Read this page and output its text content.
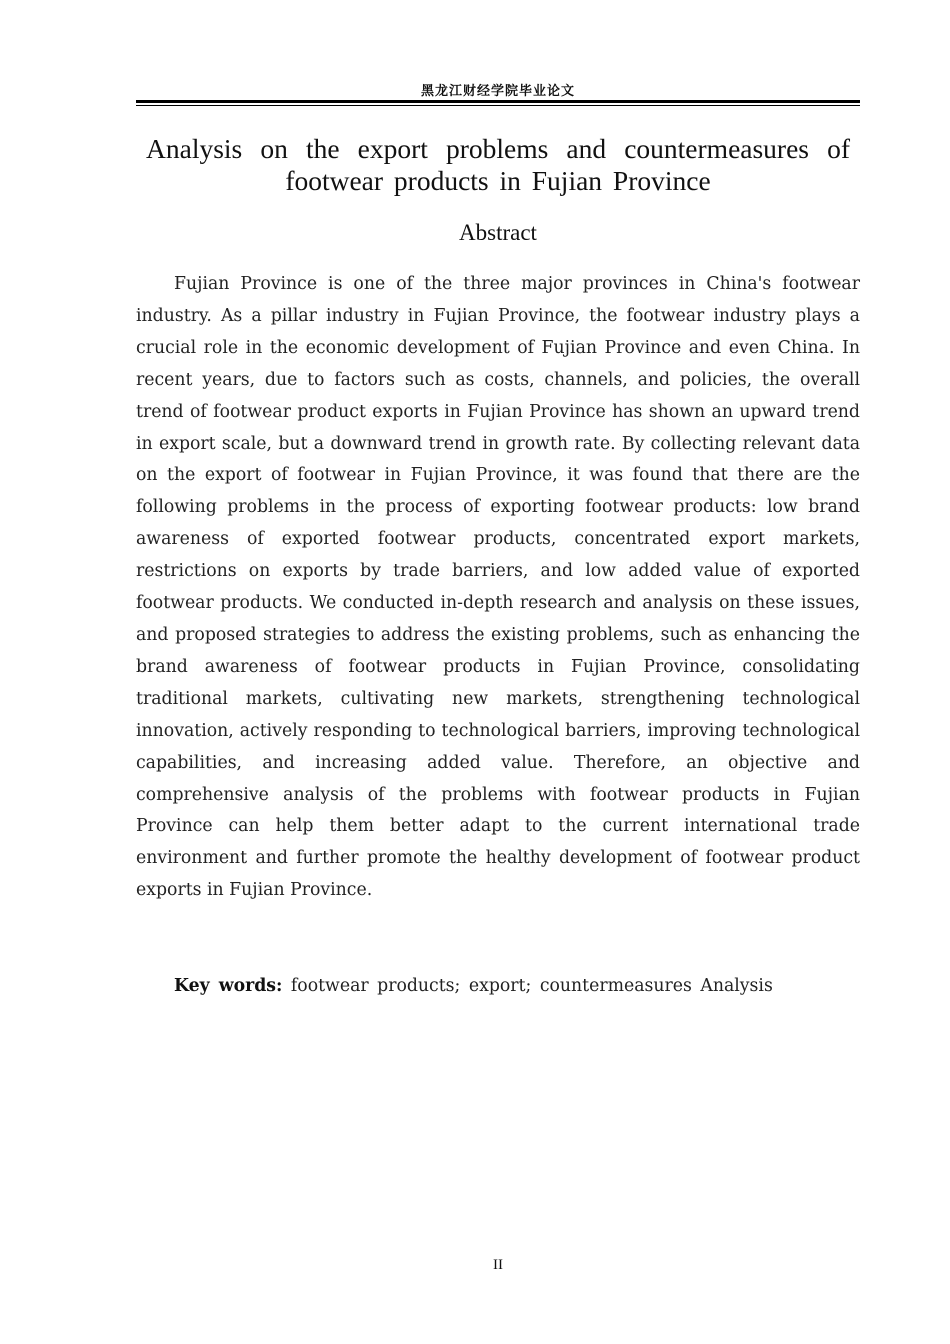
黑龙江财经学院毕业论文
Analysis on the export problems and countermeasures of
footwear products in Fujian Province
Abstract

Fujian Province is one of the three major provinces in China's footwear industry. As a pillar industry in Fujian Province, the footwear industry plays a crucial role in the economic development of Fujian Province and even China. In recent years, due to factors such as costs, channels, and policies, the overall trend of footwear product exports in Fujian Province has shown an upward trend in export scale, but a downward trend in growth rate. By collecting relevant data on the export of footwear in Fujian Province, it was found that there are the following problems in the process of exporting footwear products: low brand awareness of exported footwear products, concentrated export markets, restrictions on exports by trade barriers, and low added value of exported footwear products. We conducted in-depth research and analysis on these issues, and proposed strategies to address the existing problems, such as enhancing the brand awareness of footwear products in Fujian Province, consolidating traditional markets, cultivating new markets, strengthening technological innovation, actively responding to technological barriers, improving technological capabilities, and increasing added value. Therefore, an objective and comprehensive analysis of the problems with footwear products in Fujian Province can help them better adapt to the current international trade environment and further promote the healthy development of footwear product exports in Fujian Province.

Key words: footwear products; export; countermeasures Analysis
II
